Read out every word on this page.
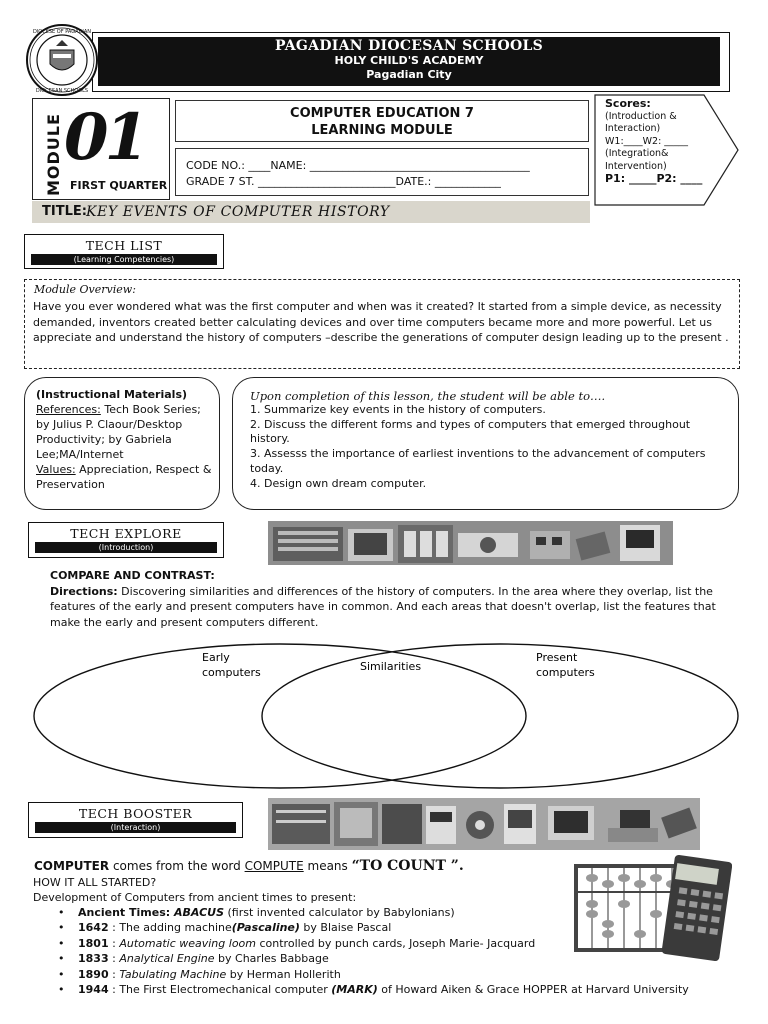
PAGADIAN DIOCESAN SCHOOLS
HOLY CHILD'S ACADEMY
Pagadian City
DIOCESE OF PAGADIAN
DIOCESAN SCHOOLS
MODULE 01
FIRST QUARTER
COMPUTER EDUCATION 7
LEARNING MODULE
CODE NO.: ____NAME: ________________________________________
GRADE 7 ST. _________________________DATE.: ____________
Scores:
(Introduction &
Interaction)
W1:____W2: _____
(Integration&
Intervention)
P1: _____P2: ____
TITLE: KEY EVENTS OF COMPUTER HISTORY
TECH LIST
(Learning Competencies)
Module Overview:
Have you ever wondered what was the first computer and when was it created? It started from a simple device, as necessity demanded, inventors created better calculating devices and over time computers became more and more powerful. Let us appreciate and understand the history of computers –describe the generations of computer design leading up to the present .
(Instructional Materials)
References: Tech Book Series; by Julius P. Claour/Desktop Productivity; by Gabriela Lee;MA/Internet
Values: Appreciation, Respect & Preservation
Upon completion of this lesson, the student will be able to….
1. Summarize key events in the history of computers.
2. Discuss the different forms and types of computers that emerged throughout history.
3. Assesss the importance of earliest inventions to the advancement of computers today.
4. Design own dream computer.
TECH EXPLORE
(Introduction)
COMPARE AND CONTRAST:
Directions: Discovering similarities and differences of the history of computers. In the area where they overlap, list the features of the early and present computers have in common. And each areas that doesn't overlap, list the features that make the early and present computers different.
Early
computers	Similarities
Present
computers
TECH BOOSTER
(Interaction)
COMPUTER comes from the word COMPUTE means “TO COUNT ”.
HOW IT ALL STARTED?
Development of Computers from ancient times to present:
• Ancient Times: ABACUS (first invented calculator by Babylonians)
• 1642 : The adding machine(Pascaline) by Blaise Pascal
• 1801 : Automatic weaving loom controlled by punch cards, Joseph Marie- Jacquard
• 1833 : Analytical Engine by Charles Babbage
• 1890 : Tabulating Machine by Herman Hollerith
• 1944 : The First Electromechanical computer (MARK) of Howard Aiken & Grace HOPPER at Harvard University
